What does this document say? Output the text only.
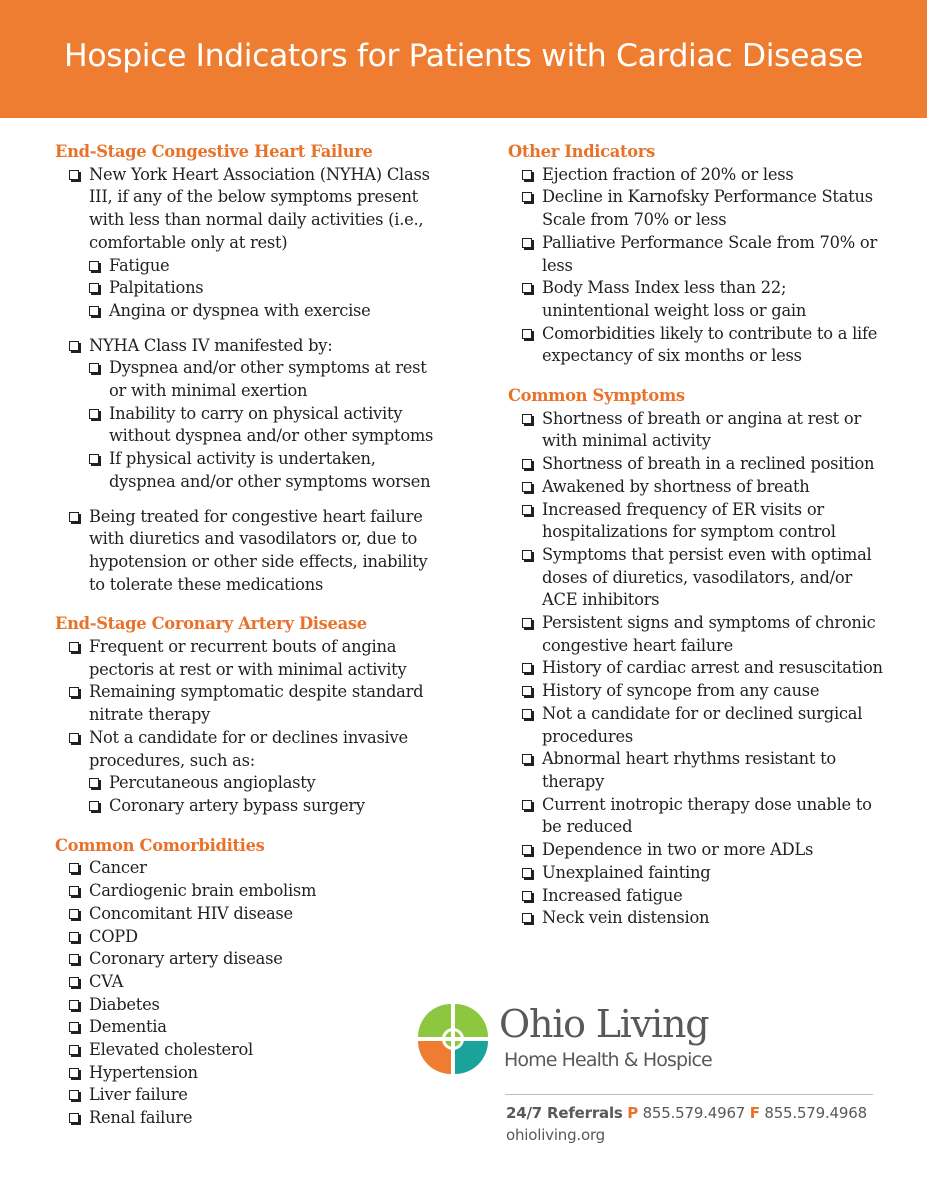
Hospice Indicators for Patients with Cardiac Disease
End-Stage Congestive Heart Failure
New York Heart Association (NYHA) Class III, if any of the below symptoms present with less than normal daily activities (i.e., comfortable only at rest)
Fatigue
Palpitations
Angina or dyspnea with exercise
NYHA Class IV manifested by:
Dyspnea and/or other symptoms at rest or with minimal exertion
Inability to carry on physical activity without dyspnea and/or other symptoms
If physical activity is undertaken, dyspnea and/or other symptoms worsen
Being treated for congestive heart failure with diuretics and vasodilators or, due to hypotension or other side effects, inability to tolerate these medications
End-Stage Coronary Artery Disease
Frequent or recurrent bouts of angina pectoris at rest or with minimal activity
Remaining symptomatic despite standard nitrate therapy
Not a candidate for or declines invasive procedures, such as:
Percutaneous angioplasty
Coronary artery bypass surgery
Common Comorbidities
Cancer
Cardiogenic brain embolism
Concomitant HIV disease
COPD
Coronary artery disease
CVA
Diabetes
Dementia
Elevated cholesterol
Hypertension
Liver failure
Renal failure
Other Indicators
Ejection fraction of 20% or less
Decline in Karnofsky Performance Status Scale from 70% or less
Palliative Performance Scale from 70% or less
Body Mass Index less than 22; unintentional weight loss or gain
Comorbidities likely to contribute to a life expectancy of six months or less
Common Symptoms
Shortness of breath or angina at rest or with minimal activity
Shortness of breath in a reclined position
Awakened by shortness of breath
Increased frequency of ER visits or hospitalizations for symptom control
Symptoms that persist even with optimal doses of diuretics, vasodilators, and/or ACE inhibitors
Persistent signs and symptoms of chronic congestive heart failure
History of cardiac arrest and resuscitation
History of syncope from any cause
Not a candidate for or declined surgical procedures
Abnormal heart rhythms resistant to therapy
Current inotropic therapy dose unable to be reduced
Dependence in two or more ADLs
Unexplained fainting
Increased fatigue
Neck vein distension
Ohio Living
Home Health & Hospice
24/7 Referrals P 855.579.4967 F 855.579.4968
ohioliving.org
